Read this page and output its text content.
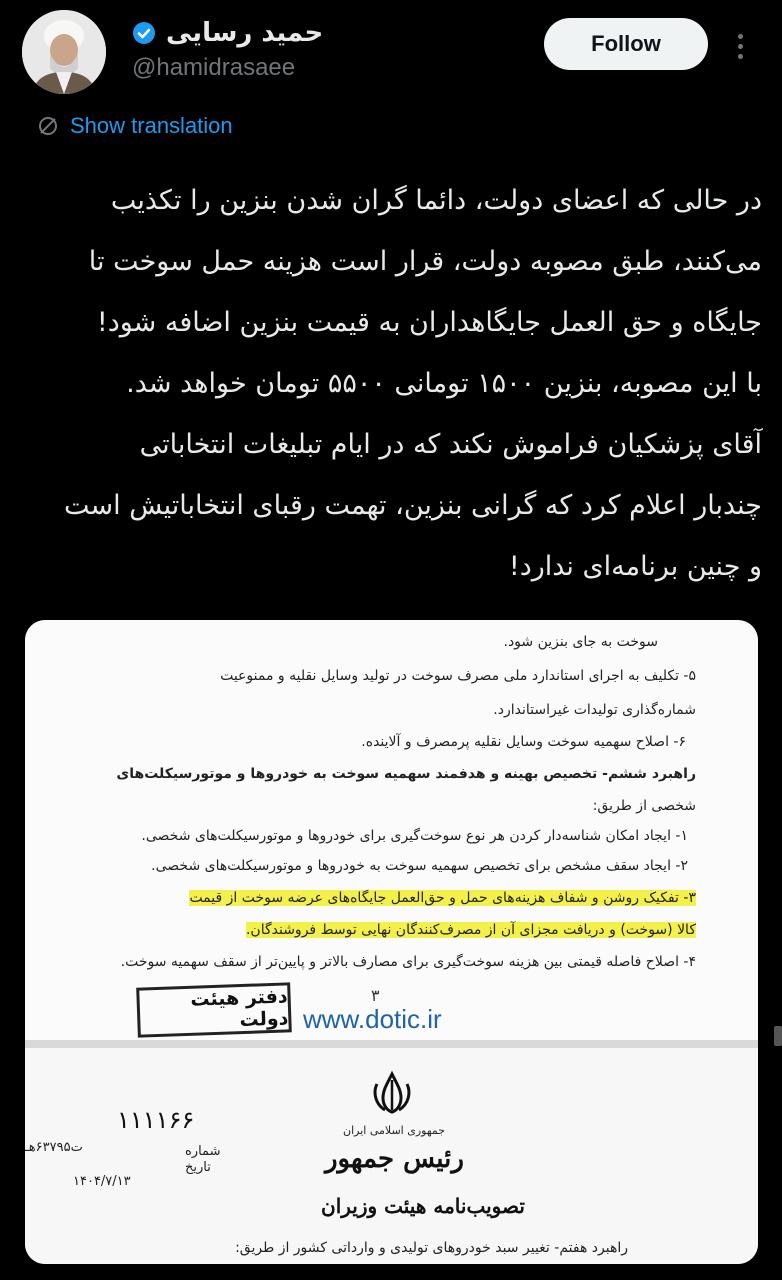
حمید رسایی
@hamidrasaee
Follow
Show translation
در حالی که اعضای دولت، دائما گران شدن بنزین را تکذیب
می‌کنند، طبق مصوبه دولت، قرار است هزینه حمل سوخت تا
جایگاه و حق العمل جایگاهداران به قیمت بنزین اضافه شود!
با این مصوبه، بنزین ۱۵۰۰ تومانی ۵۵۰۰ تومان خواهد شد.
آقای پزشکیان فراموش نکند که در ایام تبلیغات انتخاباتی
چندبار اعلام کرد که گرانی بنزین، تهمت رقبای انتخاباتیش است
و چنین برنامه‌ای ندارد!
سوخت به جای بنزین شود.
۵- تکلیف به اجرای استاندارد ملی مصرف سوخت در تولید وسایل نقلیه و ممنوعیت
شماره‌گذاری تولیدات غیراستاندارد.
۶- اصلاح سهمیه سوخت وسایل نقلیه پرمصرف و آلاینده.
راهبرد ششم- تخصیص بهینه و هدفمند سهمیه سوخت به خودروها و موتورسیکلت‌های
شخصی از طریق:
۱- ایجاد امکان شناسه‌دار کردن هر نوع سوخت‌گیری برای خودروها و موتورسیکلت‌های شخصی.
۲- ایجاد سقف مشخص برای تخصیص سهمیه سوخت به خودروها و موتورسیکلت‌های شخصی.
۳- تفکیک روشن و شفاف هزینه‌های حمل و حق‌العمل جایگاه‌های عرضه سوخت از قیمت
کالا (سوخت) و دریافت مجزای آن از مصرف‌کنندگان نهایی توسط فروشندگان.
۴- اصلاح فاصله قیمتی بین هزینه سوخت‌گیری برای مصارف بالاتر و پایین‌تر از سقف سهمیه سوخت.
دفتر هیئت دولت
۳
www.dotic.ir
جمهوری اسلامی ایران
رئیس جمهور
تصویب‌نامه هیئت وزیران
۱۱۱۱۶۶
ت۶۳۷۹۵هـ	شماره
تاریخ
۱۴۰۴/۷/۱۳
راهبرد هفتم- تغییر سبد خودروهای تولیدی و وارداتی کشور از طریق:
